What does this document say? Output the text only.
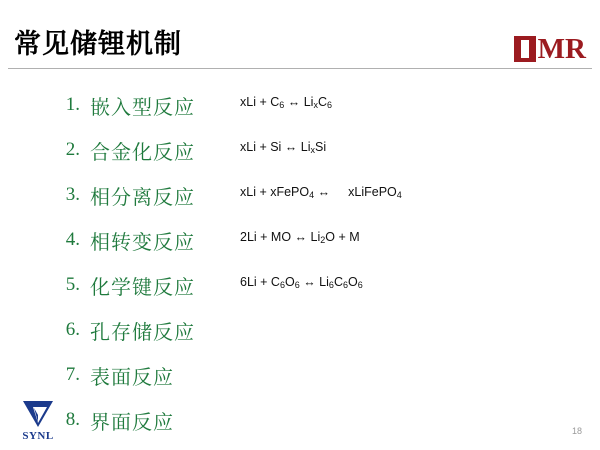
常见储锂机制	MR
1. 嵌入型反应	xLi + $C_6$ ↔ $Li_xC_6$
2. 合金化反应	xLi + Si ↔ $Li_xSi$
3. 相分离反应	xLi + xFePO$_4$ ↔ xLiFePO$_4$
4. 相转变反应	2Li + MO ↔ $Li_2O + M$
5. 化学键反应	$6Li + C_6O_6$ ↔ $Li_6C_6O_6$
6. 孔存储反应
7. 表面反应
8. 界面反应
SYNL	18
